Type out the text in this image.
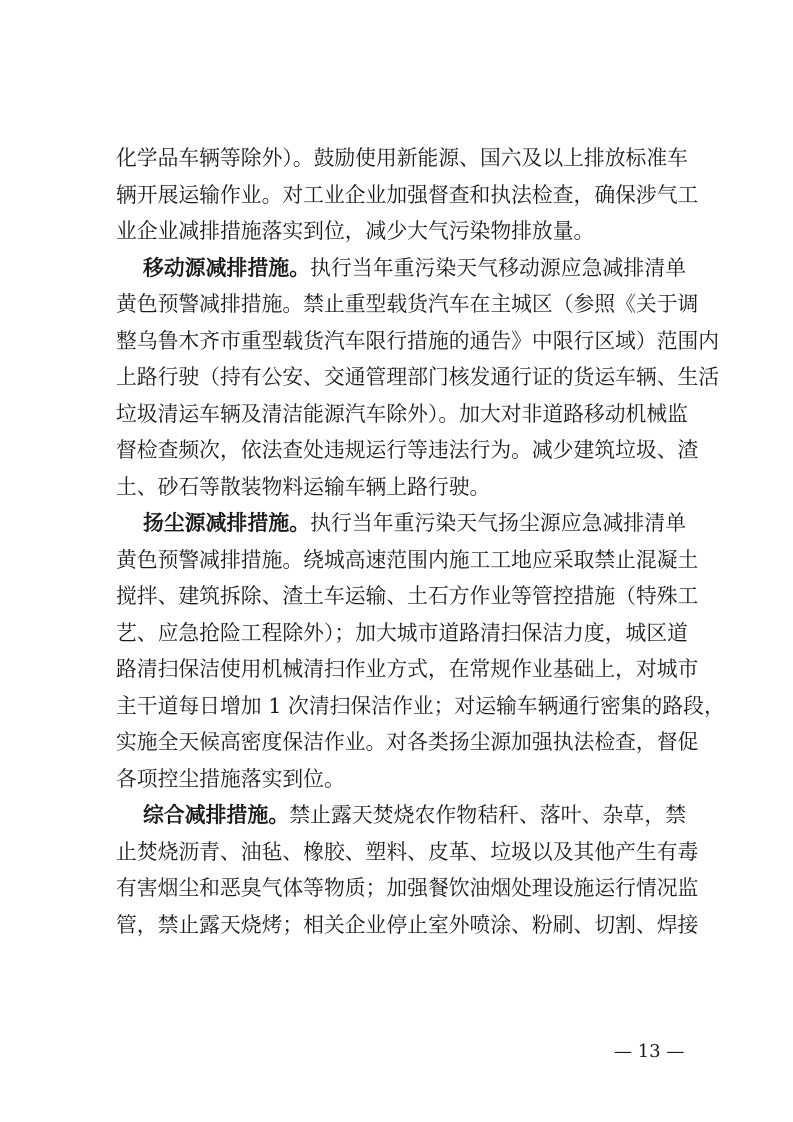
化学品车辆等除外）。鼓励使用新能源、国六及以上排放标准车
辆开展运输作业。对工业企业加强督查和执法检查，确保涉气工
业企业减排措施落实到位，减少大气污染物排放量。
移动源减排措施。执行当年重污染天气移动源应急减排清单
黄色预警减排措施。禁止重型载货汽车在主城区（参照《关于调
整乌鲁木齐市重型载货汽车限行措施的通告》中限行区域）范围内
上路行驶（持有公安、交通管理部门核发通行证的货运车辆、生活
垃圾清运车辆及清洁能源汽车除外）。加大对非道路移动机械监
督检查频次，依法查处违规运行等违法行为。减少建筑垃圾、渣
土、砂石等散装物料运输车辆上路行驶。
扬尘源减排措施。执行当年重污染天气扬尘源应急减排清单
黄色预警减排措施。绕城高速范围内施工工地应采取禁止混凝土
搅拌、建筑拆除、渣土车运输、土石方作业等管控措施（特殊工
艺、应急抢险工程除外）；加大城市道路清扫保洁力度，城区道
路清扫保洁使用机械清扫作业方式，在常规作业基础上，对城市
主干道每日增加 1 次清扫保洁作业；对运输车辆通行密集的路段，
实施全天候高密度保洁作业。对各类扬尘源加强执法检查，督促
各项控尘措施落实到位。
综合减排措施。禁止露天焚烧农作物秸秆、落叶、杂草，禁
止焚烧沥青、油毡、橡胶、塑料、皮革、垃圾以及其他产生有毒
有害烟尘和恶臭气体等物质；加强餐饮油烟处理设施运行情况监
管，禁止露天烧烤；相关企业停止室外喷涂、粉刷、切割、焊接
— 13 —
